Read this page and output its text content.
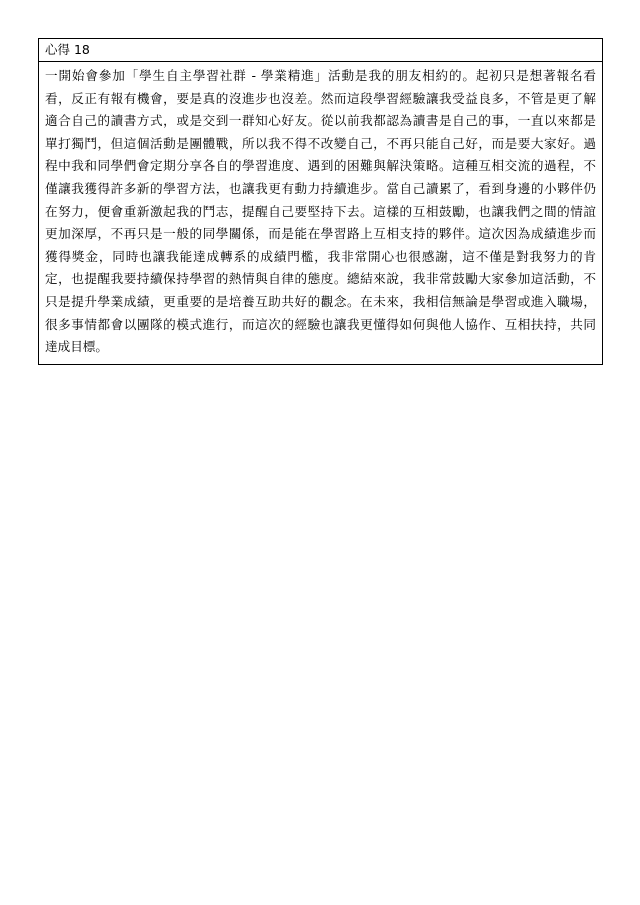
心得 18
一開始會參加「學生自主學習社群 - 學業精進」活動是我的朋友相約的。起初只是想著報名看
看，反正有報有機會，要是真的沒進步也沒差。然而這段學習經驗讓我受益良多，不管是更了解
適合自己的讀書方式，或是交到一群知心好友。從以前我都認為讀書是自己的事，一直以來都是
單打獨鬥，但這個活動是團體戰，所以我不得不改變自己，不再只能自己好，而是要大家好。過
程中我和同學們會定期分享各自的學習進度、遇到的困難與解決策略。這種互相交流的過程，不
僅讓我獲得許多新的學習方法，也讓我更有動力持續進步。當自己讀累了，看到身邊的小夥伴仍
在努力，便會重新激起我的鬥志，提醒自己要堅持下去。這樣的互相鼓勵，也讓我們之間的情誼
更加深厚，不再只是一般的同學關係，而是能在學習路上互相支持的夥伴。這次因為成績進步而
獲得獎金，同時也讓我能達成轉系的成績門檻，我非常開心也很感謝，這不僅是對我努力的肯
定，也提醒我要持續保持學習的熱情與自律的態度。總結來說，我非常鼓勵大家參加這活動，不
只是提升學業成績，更重要的是培養互助共好的觀念。在未來，我相信無論是學習或進入職場，
很多事情都會以團隊的模式進行，而這次的經驗也讓我更懂得如何與他人協作、互相扶持，共同
達成目標。
